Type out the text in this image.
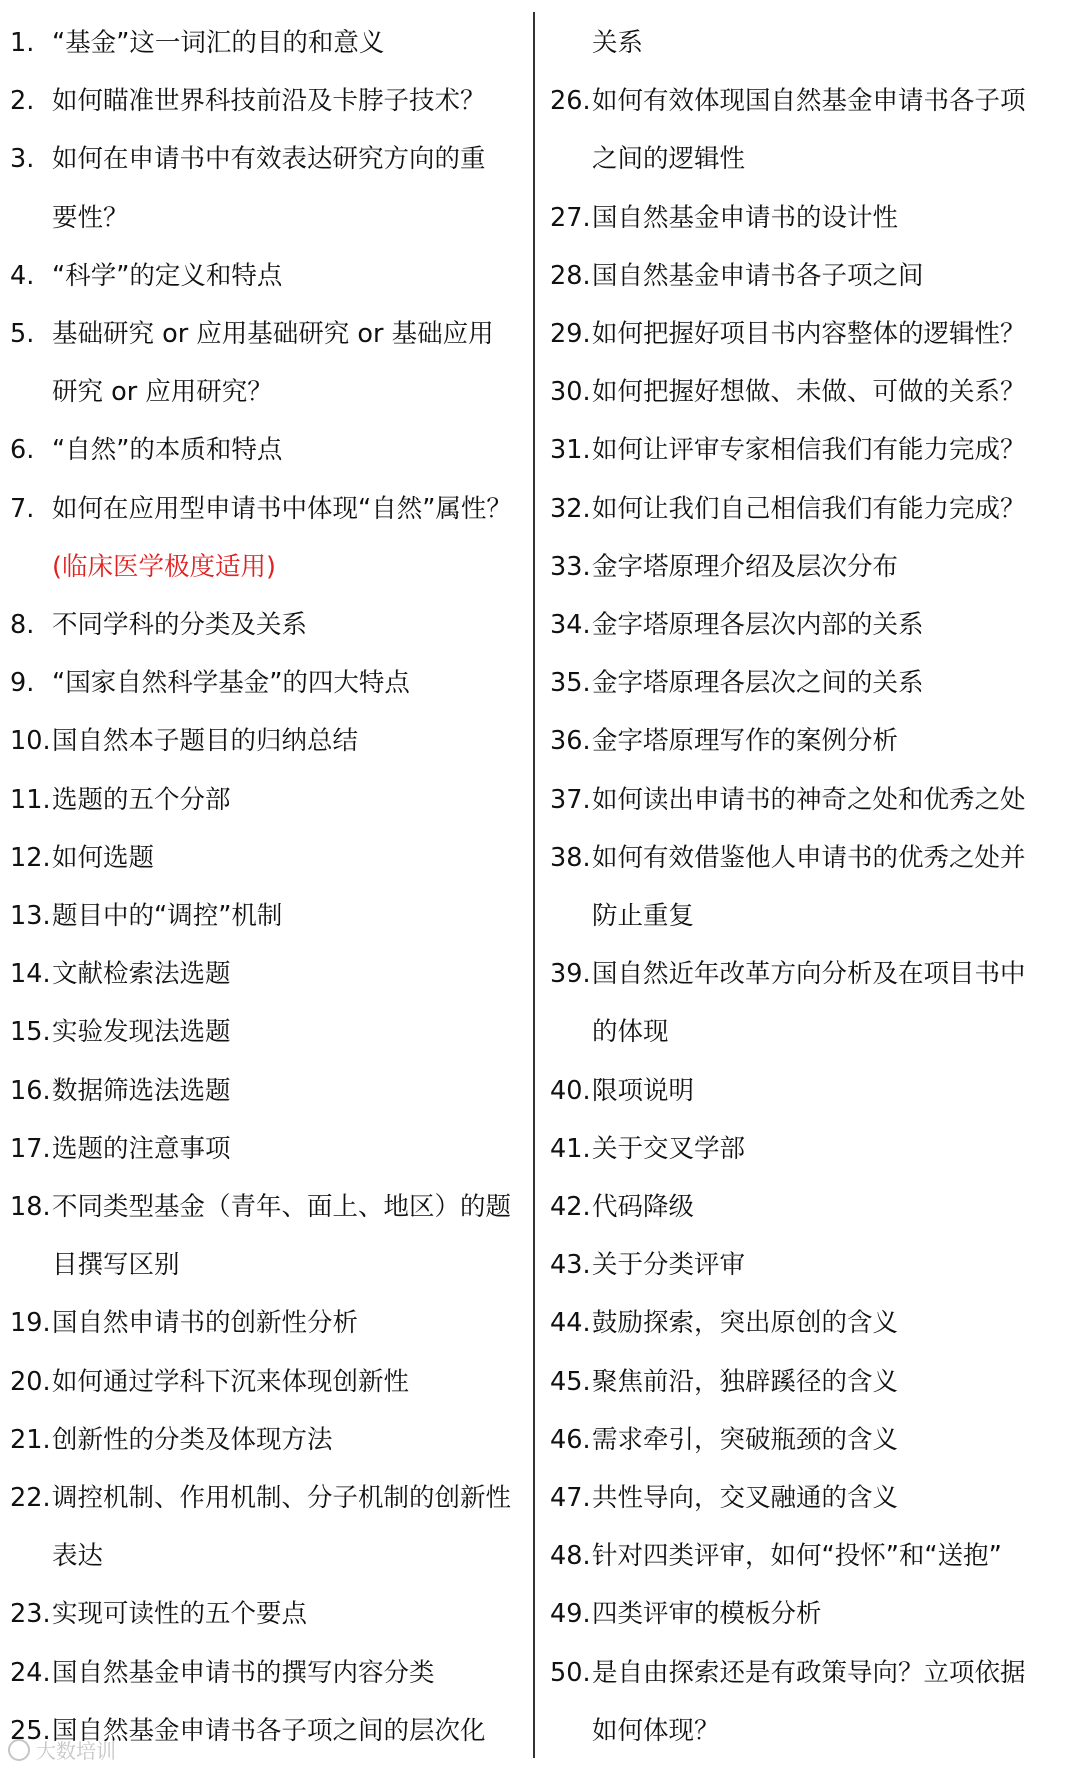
1. “基金”这一词汇的目的和意义
2. 如何瞄准世界科技前沿及卡脖子技术？
3. 如何在申请书中有效表达研究方向的重
要性？
4. “科学”的定义和特点
5. 基础研究 or 应用基础研究 or 基础应用
研究 or 应用研究？
6. “自然”的本质和特点
7. 如何在应用型申请书中体现“自然”属性？
(临床医学极度适用)
8. 不同学科的分类及关系
9. “国家自然科学基金”的四大特点
10. 国自然本子题目的归纳总结
11. 选题的五个分部
12. 如何选题
13. 题目中的“调控”机制
14. 文献检索法选题
15. 实验发现法选题
16. 数据筛选法选题
17. 选题的注意事项
18. 不同类型基金（青年、面上、地区）的题
目撰写区别
19. 国自然申请书的创新性分析
20. 如何通过学科下沉来体现创新性
21. 创新性的分类及体现方法
22. 调控机制、作用机制、分子机制的创新性
表达
23. 实现可读性的五个要点
24. 国自然基金申请书的撰写内容分类
25. 国自然基金申请书各子项之间的层次化
关系
26. 如何有效体现国自然基金申请书各子项
之间的逻辑性
27. 国自然基金申请书的设计性
28. 国自然基金申请书各子项之间
29. 如何把握好项目书内容整体的逻辑性？
30. 如何把握好想做、未做、可做的关系？
31. 如何让评审专家相信我们有能力完成？
32. 如何让我们自己相信我们有能力完成？
33. 金字塔原理介绍及层次分布
34. 金字塔原理各层次内部的关系
35. 金字塔原理各层次之间的关系
36. 金字塔原理写作的案例分析
37. 如何读出申请书的神奇之处和优秀之处
38. 如何有效借鉴他人申请书的优秀之处并
防止重复
39. 国自然近年改革方向分析及在项目书中
的体现
40. 限项说明
41. 关于交叉学部
42. 代码降级
43. 关于分类评审
44. 鼓励探索，突出原创的含义
45. 聚焦前沿，独辟蹊径的含义
46. 需求牵引，突破瓶颈的含义
47. 共性导向，交叉融通的含义
48. 针对四类评审，如何“投怀”和“送抱”
49. 四类评审的模板分析
50. 是自由探索还是有政策导向？立项依据
如何体现？
大数培训
